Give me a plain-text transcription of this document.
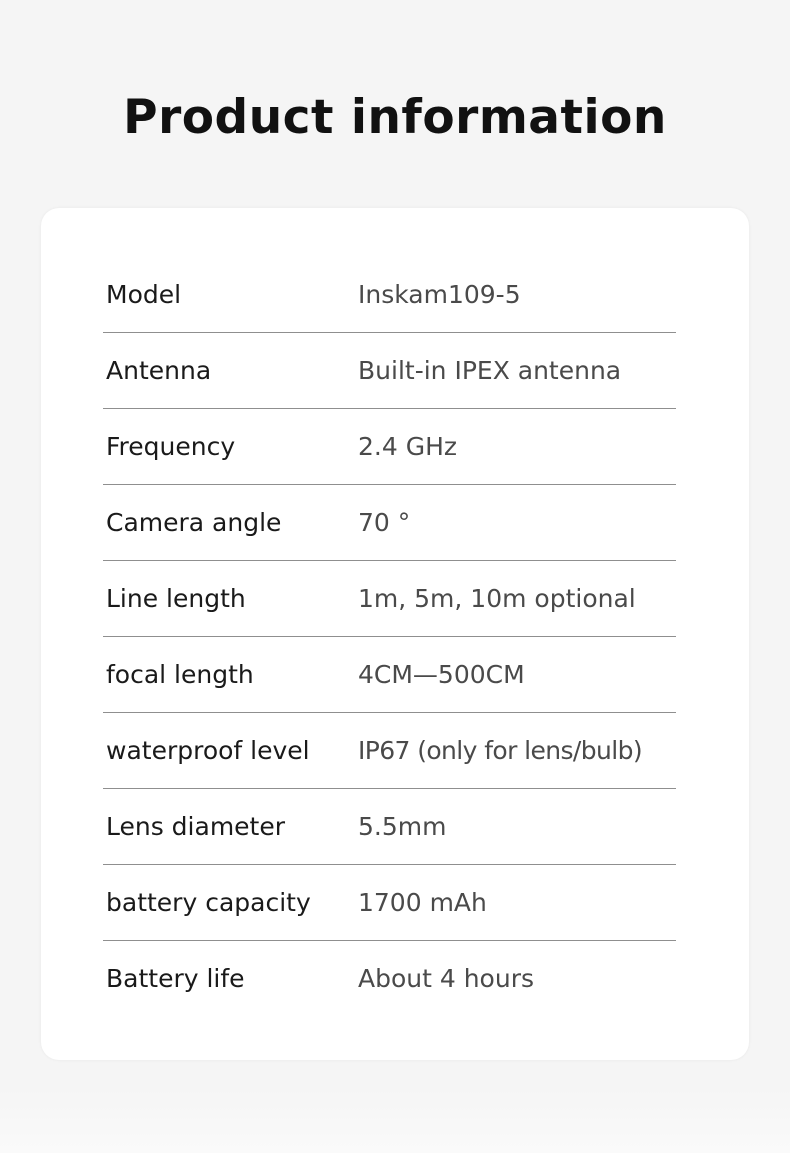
Product information
Model	Inskam109-5
Antenna	Built-in IPEX antenna
Frequency	2.4 GHz
Camera angle	70 °
Line length	1m, 5m, 10m optional
focal length	4CM—500CM
waterproof level IP67 (only for lens/bulb)
Lens diameter	5.5mm
battery capacity 1700 mAh
Battery life	About 4 hours
